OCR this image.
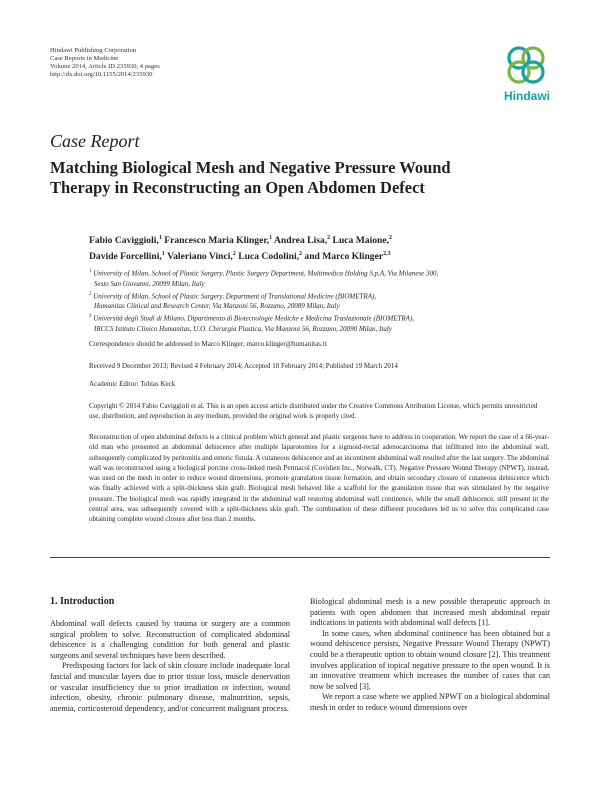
Hindawi Publishing Corporation
Case Reports in Medicine
Volume 2014, Article ID 235930, 4 pages
http://dx.doi.org/10.1155/2014/235930
Hindawi
Case Report
Matching Biological Mesh and Negative Pressure Wound
Therapy in Reconstructing an Open Abdomen Defect
Fabio Caviggioli,$^1$ Francesco Maria Klinger,$^1$ Andrea Lisa,$^2$ Luca Maione,$^2$
Davide Forcellini,$^1$ Valeriano Vinci,$^2$ Luca Codolini,$^2$ and Marco Klinger$^{2,3}$
$^1$ University of Milan, School of Plastic Surgery, Plastic Surgery Department, Multimedica Holding S.p.A, Via Milanese 300,
Sesto San Giovanni, 20099 Milan, Italy
$^2$ University of Milan, School of Plastic Surgery, Department of Translational Medicine (BIOMETRA),
Humanitas Clinical and Research Center, Via Manzoni 56, Rozzano, 20089 Milan, Italy
$^3$ Università degli Studi di Milano, Dipartimento di Biotecnologie Mediche e Medicina Traslazionale (BIOMETRA),
IRCCS Istituto Clinico Humanitas, U.O. Chirurgia Plastica, Via Manzoni 56, Rozzano, 20090 Milan, Italy
Correspondence should be addressed to Marco Klinger; marco.klinger@humanitas.it
Received 9 December 2013; Revised 4 February 2014; Accepted 18 February 2014; Published 19 March 2014
Academic Editor: Tobias Keck
Copyright © 2014 Fabio Caviggioli et al. This is an open access article distributed under the Creative Commons Attribution License, which permits unrestricted use, distribution, and reproduction in any medium, provided the original work is properly cited.
Reconstruction of open abdominal defects is a clinical problem which general and plastic surgeons have to address in cooperation. We report the case of a 66-year-old man who presented an abdominal dehiscence after multiple laparotomies for a sigmoid-rectal adenocarcinoma that infiltrated into the abdominal wall, subsequently complicated by peritonitis and enteric fistula. A cutaneous dehiscence and an incontinent abdominal wall resulted after the last surgery. The abdominal wall was reconstructed using a biological porcine cross-linked mesh Permacol (Covidien Inc., Norwalk, CT). Negative Pressure Wound Therapy (NPWT), instead, was used on the mesh in order to reduce wound dimensions, promote granulation tissue formation, and obtain secondary closure of cutaneous dehiscence which was finally achieved with a split-thickness skin graft. Biological mesh behaved like a scaffold for the granulation tissue that was stimulated by the negative pressure. The biological mesh was rapidly integrated in the abdominal wall restoring abdominal wall continence, while the small dehiscence, still present in the central area, was subsequently covered with a split-thickness skin graft. The combination of these different procedures led us to solve this complicated case obtaining complete wound closure after less than 2 months.
1. Introduction

Abdominal wall defects caused by trauma or surgery are a common surgical problem to solve. Reconstruction of complicated abdominal dehiscence is a challenging condition for both general and plastic surgeons and several techniques have been described.

Predisposing factors for lack of skin closure include inadequate local fascial and muscular layers due to prior tissue loss, muscle denervation or vascular insufficiency due to prior irradiation or infection, wound infection, obesity, chronic pulmonary disease, malnutrition, sepsis, anemia, corticosteroid dependency, and/or concurrent malignant process.

Biological abdominal mesh is a new possible therapeutic approach in patients with open abdomen that increased mesh abdominal repair indications in patients with abdominal wall defects [1].

In some cases, when abdominal continence has been obtained but a wound dehiscence persists, Negative Pressure Wound Therapy (NPWT) could be a therapeutic option to obtain wound closure [2]. This treatment involves application of topical negative pressure to the open wound. It is an innovative treatment which increases the number of cases that can now be solved [3].

We report a case where we applied NPWT on a biological abdominal mesh in order to reduce wound dimensions over
